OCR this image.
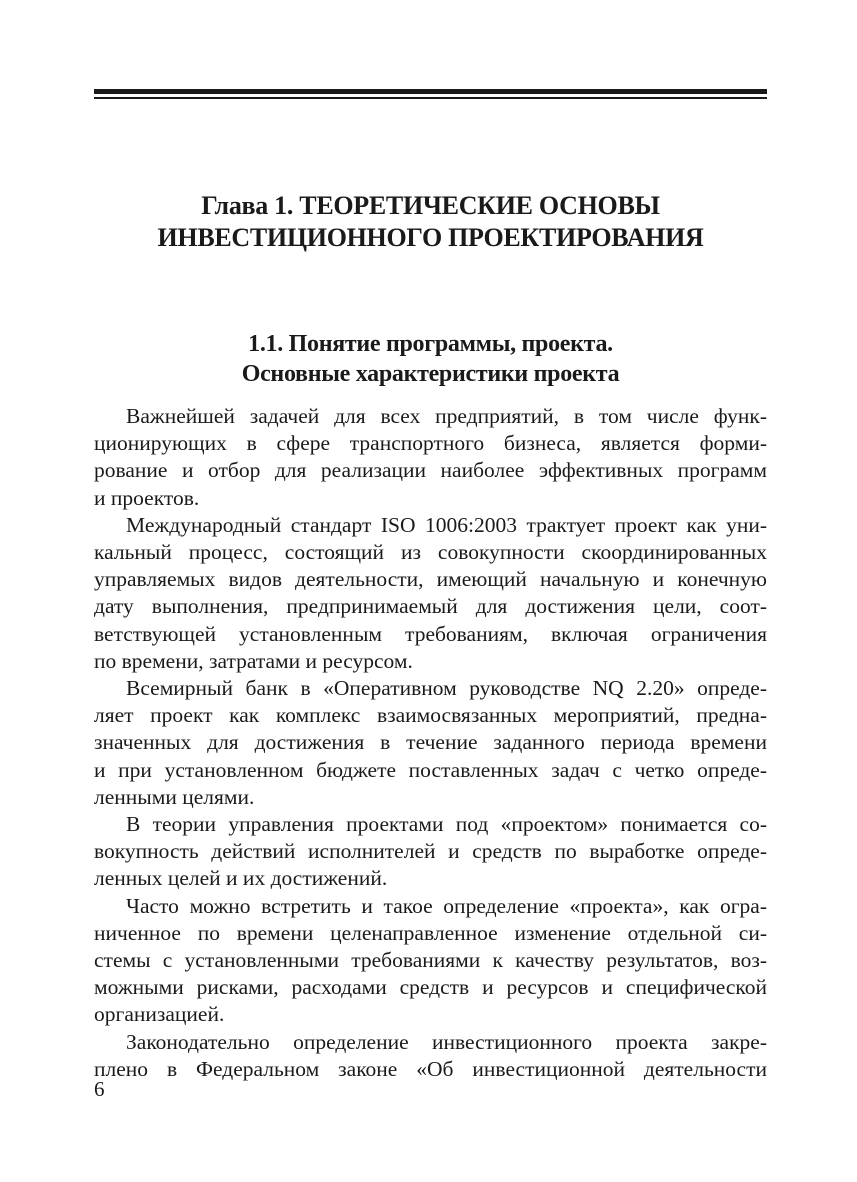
Глава 1. ТЕОРЕТИЧЕСКИЕ ОСНОВЫ
ИНВЕСТИЦИОННОГО ПРОЕКТИРОВАНИЯ
1.1. Понятие программы, проекта.
Основные характеристики проекта
Важнейшей задачей для всех предприятий, в том числе функ-
ционирующих в сфере транспортного бизнеса, является форми-
рование и отбор для реализации наиболее эффективных программ
и проектов.
Международный стандарт ISO 1006:2003 трактует проект как уни-
кальный процесс, состоящий из совокупности скоординированных
управляемых видов деятельности, имеющий начальную и конечную
дату выполнения, предпринимаемый для достижения цели, соот-
ветствующей установленным требованиям, включая ограничения
по времени, затратами и ресурсом.
Всемирный банк в «Оперативном руководстве NQ 2.20» опреде-
ляет проект как комплекс взаимосвязанных мероприятий, предна-
значенных для достижения в течение заданного периода времени
и при установленном бюджете поставленных задач с четко опреде-
ленными целями.
В теории управления проектами под «проектом» понимается со-
вокупность действий исполнителей и средств по выработке опреде-
ленных целей и их достижений.
Часто можно встретить и такое определение «проекта», как огра-
ниченное по времени целенаправленное изменение отдельной си-
стемы с установленными требованиями к качеству результатов, воз-
можными рисками, расходами средств и ресурсов и специфической
организацией.
Законодательно определение инвестиционного проекта закре-
плено в Федеральном законе «Об инвестиционной деятельности
6
